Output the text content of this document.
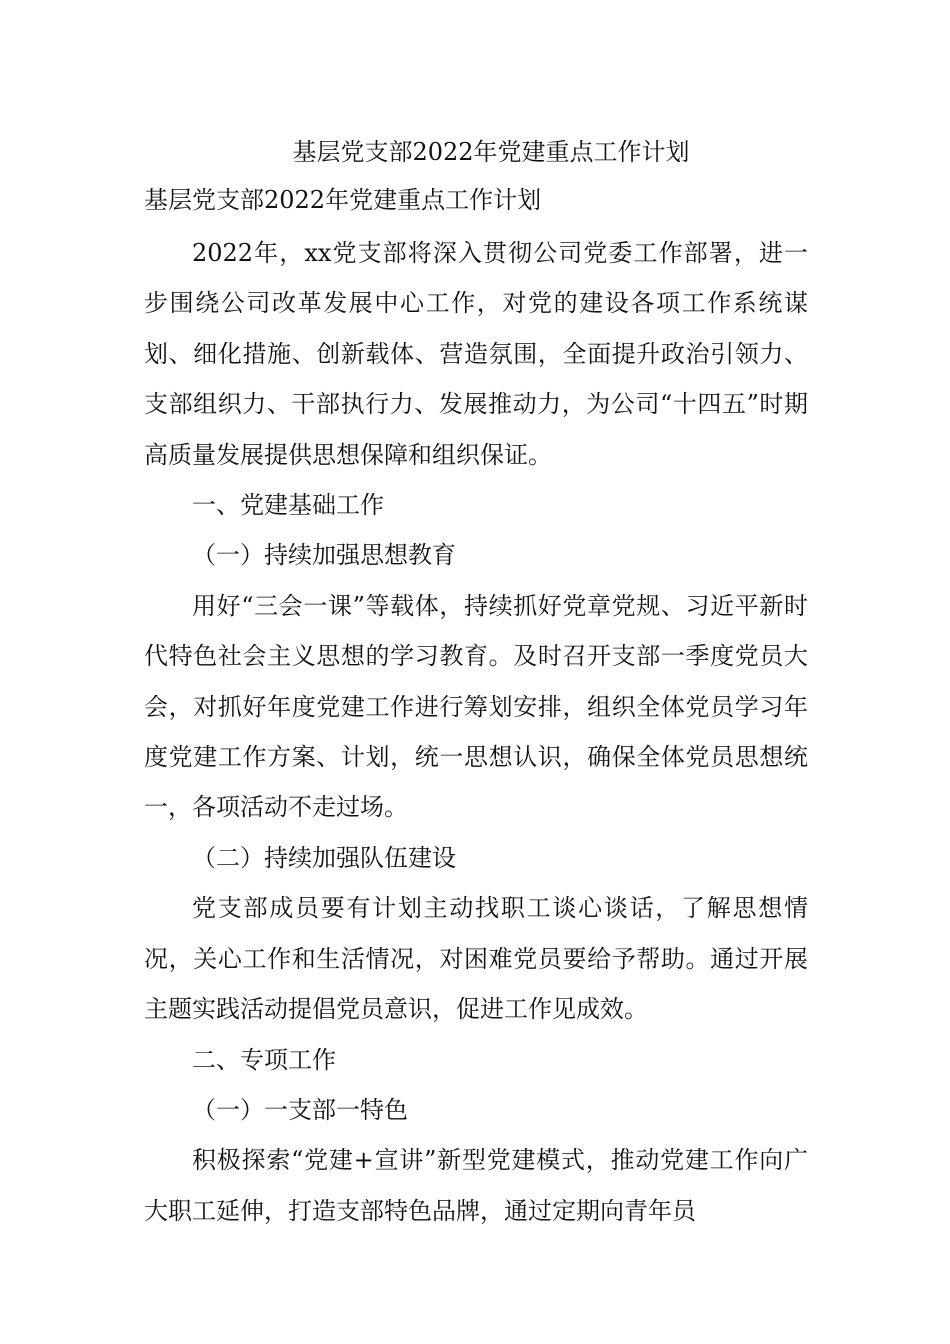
基层党支部2022年党建重点工作计划

基层党支部2022年党建重点工作计划

2022年，xx党支部将深入贯彻公司党委工作部署，进一步围绕公司改革发展中心工作，对党的建设各项工作系统谋划、细化措施、创新载体、营造氛围，全面提升政治引领力、支部组织力、干部执行力、发展推动力，为公司“十四五”时期高质量发展提供思想保障和组织保证。

一、党建基础工作

（一）持续加强思想教育

用好“三会一课”等载体，持续抓好党章党规、习近平新时代特色社会主义思想的学习教育。及时召开支部一季度党员大会，对抓好年度党建工作进行筹划安排，组织全体党员学习年度党建工作方案、计划，统一思想认识，确保全体党员思想统一，各项活动不走过场。

（二）持续加强队伍建设

党支部成员要有计划主动找职工谈心谈话，了解思想情况，关心工作和生活情况，对困难党员要给予帮助。通过开展主题实践活动提倡党员意识，促进工作见成效。

二、专项工作

（一）一支部一特色

积极探索“党建+宣讲”新型党建模式，推动党建工作向广大职工延伸，打造支部特色品牌，通过定期向青年员
